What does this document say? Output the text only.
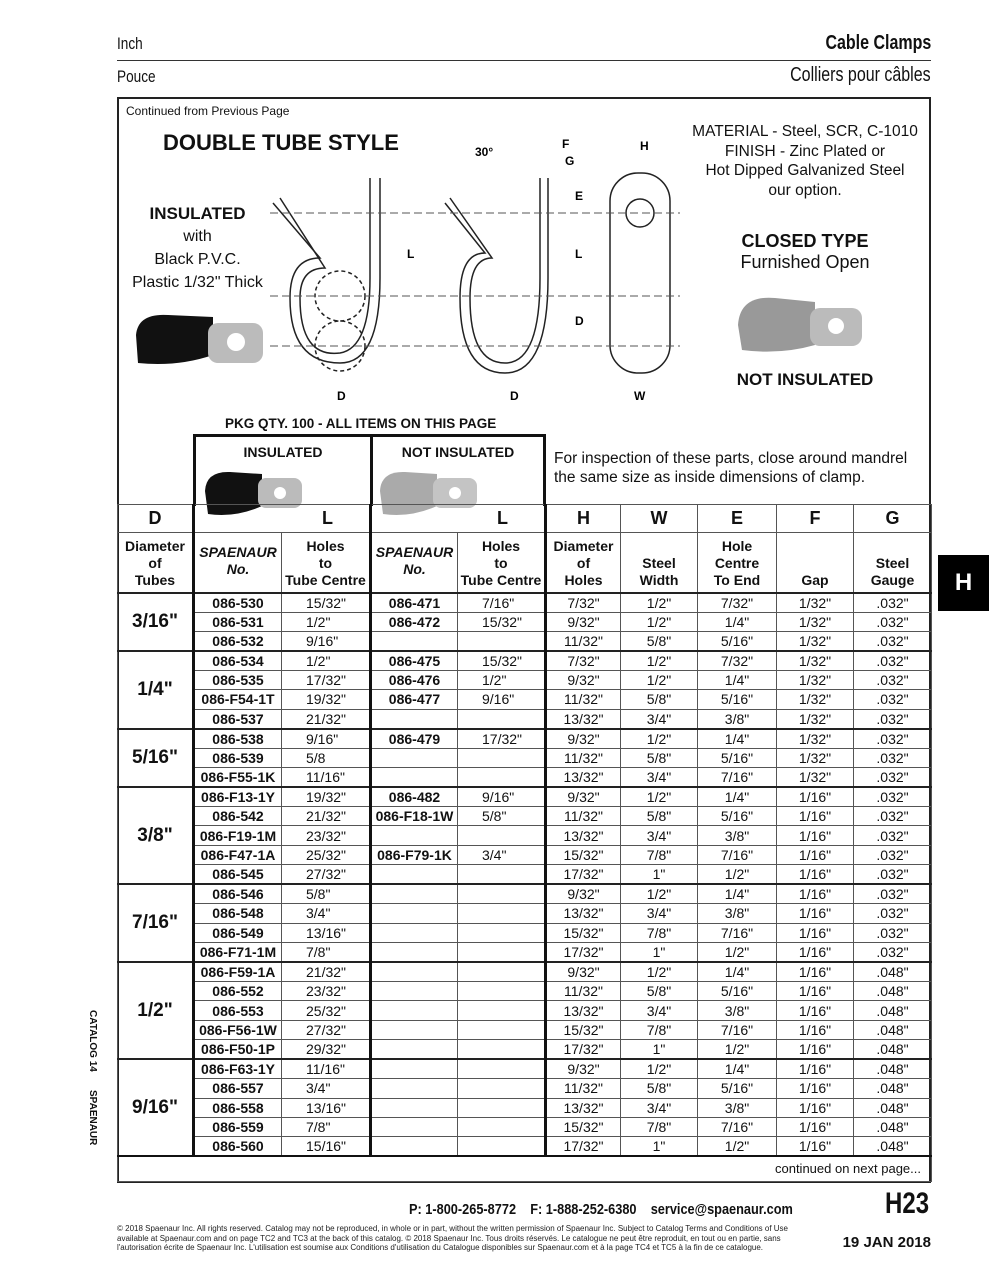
Inch	Cable Clamps
Pouce	Colliers pour câbles
Continued from Previous Page
DOUBLE TUBE STYLE
INSULATED
with
Black P.V.C.
Plastic 1/32" Thick
30°
F
G
H
E
L	L
D
D	D	W
MATERIAL - Steel, SCR, C-1010
FINISH - Zinc Plated or
Hot Dipped Galvanized Steel
our option.
CLOSED TYPE
Furnished Open
NOT INSULATED
PKG QTY. 100 - ALL ITEMS ON THIS PAGE
INSULATED	NOT INSULATED	For inspection of these parts, close around mandrel the same size as inside dimensions of clamp.
D	L		L		H	W	E	F	G
Diameter
of
Tubes	SPAENAUR
No.	Holes
to
Tube Centre	SPAENAUR
No.	Holes
to
Tube Centre	Diameter
of
Holes	Steel
Width	Hole
Centre
To End	Gap	Steel
Gauge
3/16"	086-530	15/32"	086-471	7/16"	7/32"	1/2"	7/32"	1/32"	.032"
	086-531	1/2"	086-472	15/32"	9/32"	1/2"	1/4"	1/32"	.032"
	086-532	9/16"			11/32"	5/8"	5/16"	1/32"	.032"
1/4"	086-534	1/2"	086-475	15/32"	7/32"	1/2"	7/32"	1/32"	.032"
	086-535	17/32"	086-476	1/2"	9/32"	1/2"	1/4"	1/32"	.032"
	086-F54-1T	19/32"	086-477	9/16"	11/32"	5/8"	5/16"	1/32"	.032"
	086-537	21/32"			13/32"	3/4"	3/8"	1/32"	.032"
5/16"	086-538	9/16"	086-479	17/32"	9/32"	1/2"	1/4"	1/32"	.032"
	086-539	5/8			11/32"	5/8"	5/16"	1/32"	.032"
	086-F55-1K	11/16"			13/32"	3/4"	7/16"	1/32"	.032"
3/8"	086-F13-1Y	19/32"	086-482	9/16"	9/32"	1/2"	1/4"	1/16"	.032"
	086-542	21/32"	086-F18-1W	5/8"	11/32"	5/8"	5/16"	1/16"	.032"
	086-F19-1M	23/32"			13/32"	3/4"	3/8"	1/16"	.032"
	086-F47-1A	25/32"	086-F79-1K	3/4"	15/32"	7/8"	7/16"	1/16"	.032"
	086-545	27/32"			17/32"	1"	1/2"	1/16"	.032"
7/16"	086-546	5/8"			9/32"	1/2"	1/4"	1/16"	.032"
	086-548	3/4"			13/32"	3/4"	3/8"	1/16"	.032"
	086-549	13/16"			15/32"	7/8"	7/16"	1/16"	.032"
	086-F71-1M	7/8"			17/32"	1"	1/2"	1/16"	.032"
1/2"	086-F59-1A	21/32"			9/32"	1/2"	1/4"	1/16"	.048"
	086-552	23/32"			11/32"	5/8"	5/16"	1/16"	.048"
	086-553	25/32"			13/32"	3/4"	3/8"	1/16"	.048"
	086-F56-1W	27/32"			15/32"	7/8"	7/16"	1/16"	.048"
	086-F50-1P	29/32"			17/32"	1"	1/2"	1/16"	.048"
9/16"	086-F63-1Y	11/16"			9/32"	1/2"	1/4"	1/16"	.048"
	086-557	3/4"			11/32"	5/8"	5/16"	1/16"	.048"
	086-558	13/16"			13/32"	3/4"	3/8"	1/16"	.048"
	086-559	7/8"			15/32"	7/8"	7/16"	1/16"	.048"
	086-560	15/16"			17/32"	1"	1/2"	1/16"	.048"
continued on next page...									
H
CATALOG 14
SPAENAUR
P: 1-800-265-8772 F: 1-888-252-6380 service@spaenaur.com	H23
© 2018 Spaenaur Inc. All rights reserved. Catalog may not be reproduced, in whole or in part, without the written permission of Spaenaur Inc. Subject to Catalog Terms and Conditions of Use available at Spaenaur.com and on page TC2 and TC3 at the back of this catalog. © 2018 Spaenaur Inc. Tous droits réservés. Le catalogue ne peut être reproduit, en tout ou en partie, sans l'autorisation écrite de Spaenaur Inc. L'utilisation est soumise aux Conditions d'utilisation du Catalogue disponibles sur Spaenaur.com et à la page TC4 et TC5 à la fin de ce catalogue.	19 JAN 2018
